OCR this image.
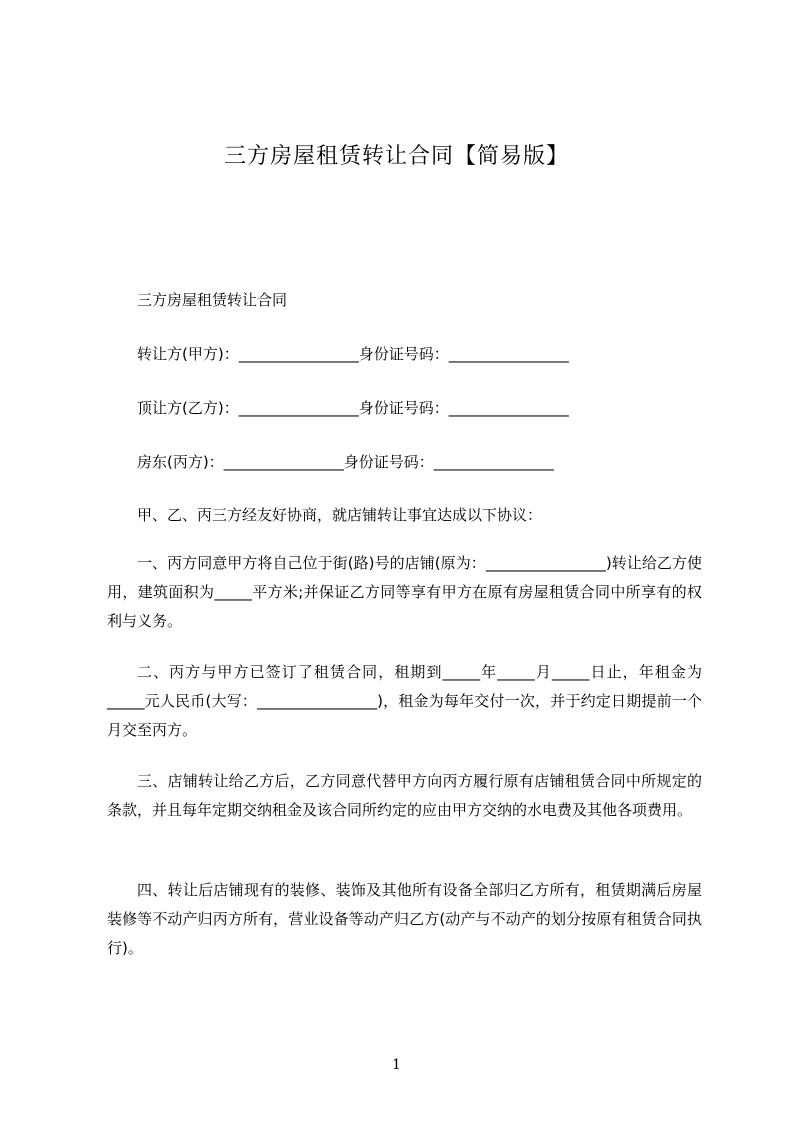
三方房屋租赁转让合同【简易版】
三方房屋租赁转让合同
转让方(甲方)：________________身份证号码：________________
顶让方(乙方)：________________身份证号码：________________
房东(丙方)：________________身份证号码：________________
甲、乙、丙三方经友好协商，就店铺转让事宜达成以下协议：
一、丙方同意甲方将自己位于街(路)号的店铺(原为：________________)转让给乙方使用，建筑面积为_____平方米;并保证乙方同等享有甲方在原有房屋租赁合同中所享有的权利与义务。
二、丙方与甲方已签订了租赁合同，租期到_____年_____月_____日止，年租金为_____元人民币(大写：________________)，租金为每年交付一次，并于约定日期提前一个月交至丙方。
三、店铺转让给乙方后，乙方同意代替甲方向丙方履行原有店铺租赁合同中所规定的条款，并且每年定期交纳租金及该合同所约定的应由甲方交纳的水电费及其他各项费用。
四、转让后店铺现有的装修、装饰及其他所有设备全部归乙方所有，租赁期满后房屋装修等不动产归丙方所有，营业设备等动产归乙方(动产与不动产的划分按原有租赁合同执行)。
1
